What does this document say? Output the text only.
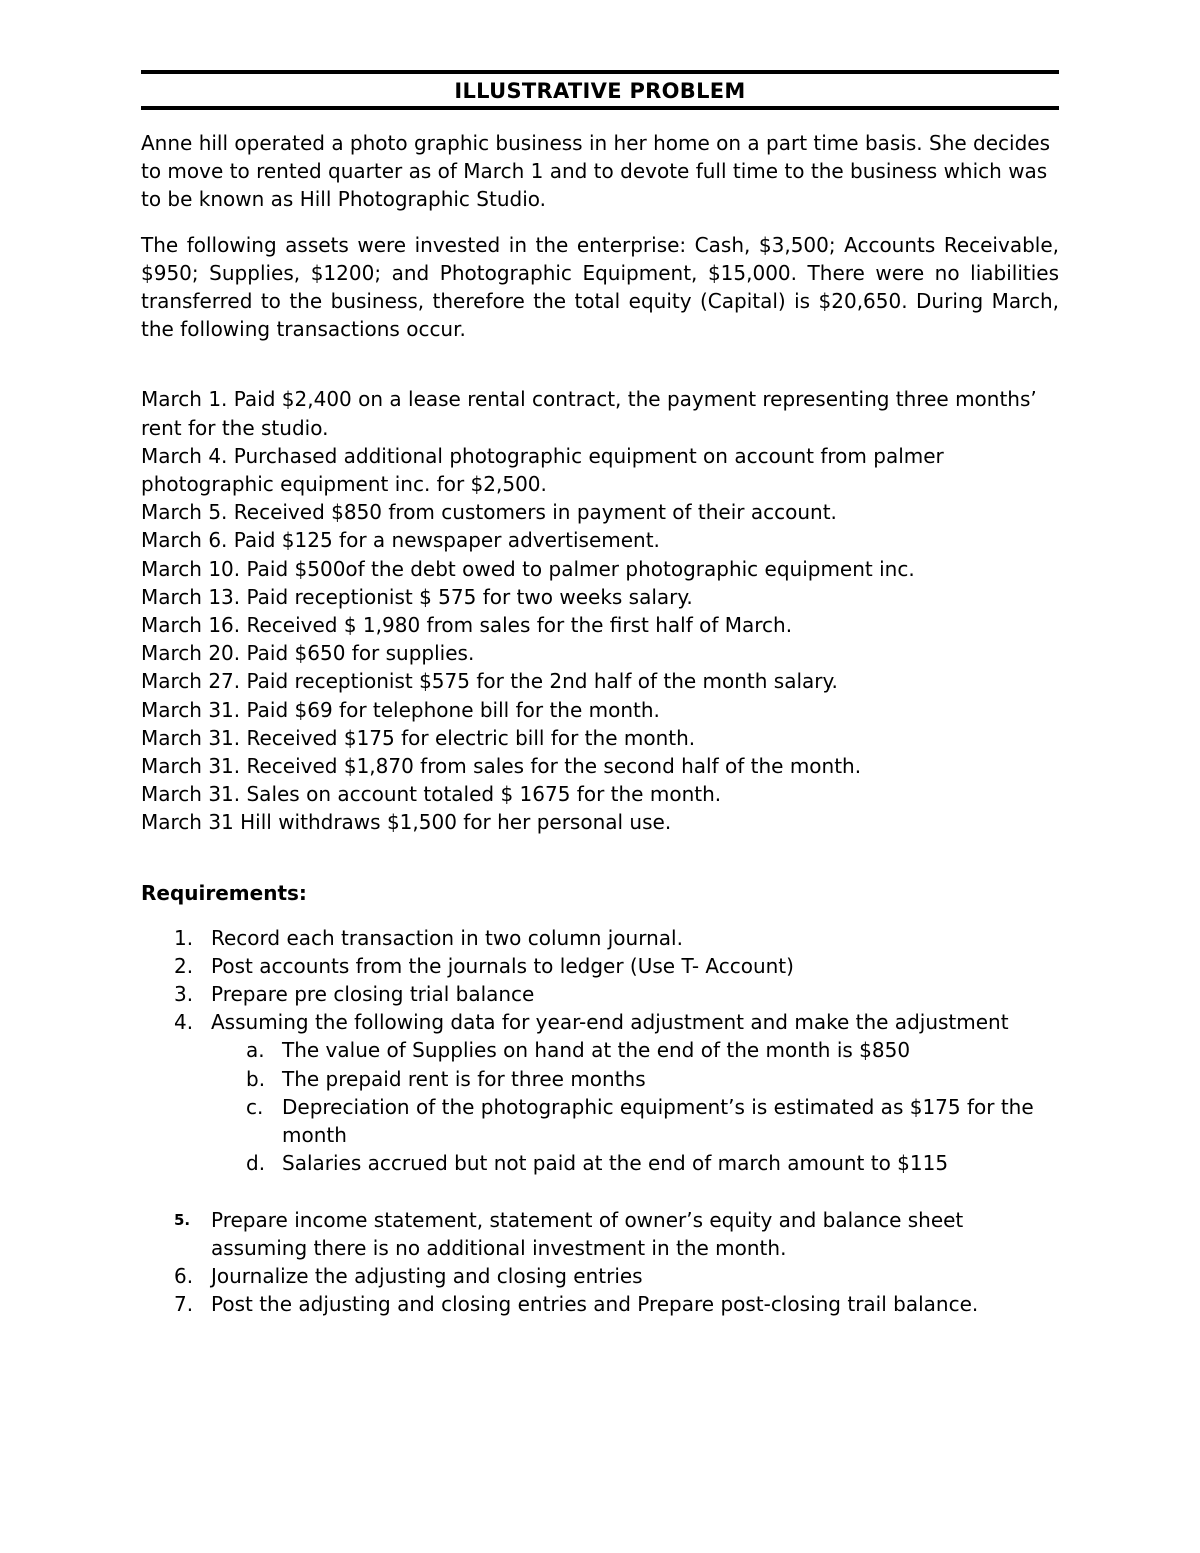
ILLUSTRATIVE PROBLEM

Anne hill operated a photo graphic business in her home on a part time basis. She decides to move to rented quarter as of March 1 and to devote full time to the business which was to be known as Hill Photographic Studio.

The following assets were invested in the enterprise: Cash, $3,500; Accounts Receivable, $950; Supplies, $1200; and Photographic Equipment, $15,000. There were no liabilities transferred to the business, therefore the total equity (Capital) is $20,650. During March, the following transactions occur.

March 1. Paid $2,400 on a lease rental contract, the payment representing three months’ rent for the studio.

March 4. Purchased additional photographic equipment on account from palmer photographic equipment inc. for $2,500.

March 5. Received $850 from customers in payment of their account.

March 6. Paid $125 for a newspaper advertisement.

March 10. Paid $500of the debt owed to palmer photographic equipment inc.

March 13. Paid receptionist $ 575 for two weeks salary.

March 16. Received $ 1,980 from sales for the first half of March.

March 20. Paid $650 for supplies.

March 27. Paid receptionist $575 for the 2nd half of the month salary.

March 31. Paid $69 for telephone bill for the month.

March 31. Received $175 for electric bill for the month.

March 31. Received $1,870 from sales for the second half of the month.

March 31. Sales on account totaled $ 1675 for the month.

March 31 Hill withdraws $1,500 for her personal use.

Requirements:
1. Record each transaction in two column journal.
2. Post accounts from the journals to ledger (Use T- Account)
3. Prepare pre closing trial balance
4. Assuming the following data for year-end adjustment and make the adjustment
a. The value of Supplies on hand at the end of the month is $850
b. The prepaid rent is for three months
c. Depreciation of the photographic equipment’s is estimated as $175 for the month
d. Salaries accrued but not paid at the end of march amount to $115
5.	Prepare income statement, statement of owner’s equity and balance sheet assuming there is no additional investment in the month.
6. Journalize the adjusting and closing entries
7. Post the adjusting and closing entries and Prepare post-closing trail balance.
